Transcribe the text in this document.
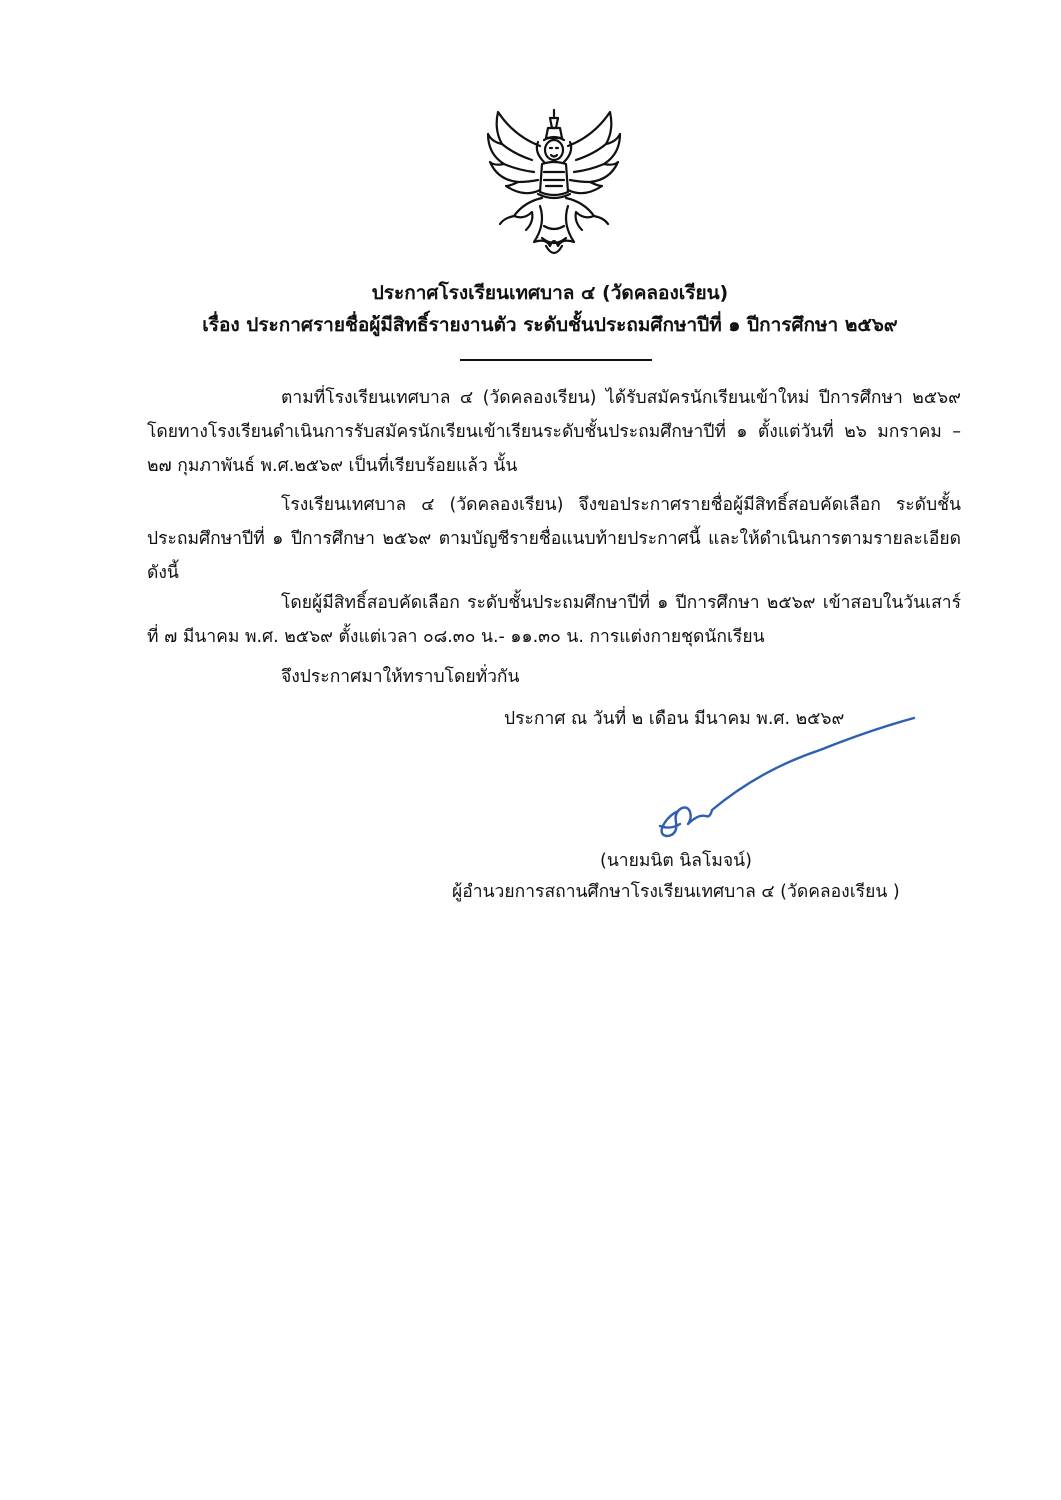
ประกาศโรงเรียนเทศบาล ๔ (วัดคลองเรียน)
เรื่อง ประกาศรายชื่อผู้มีสิทธิ์รายงานตัว ระดับชั้นประถมศึกษาปีที่ ๑ ปีการศึกษา ๒๕๖๙
ตามที่โรงเรียนเทศบาล ๔ (วัดคลองเรียน) ได้รับสมัครนักเรียนเข้าใหม่ ปีการศึกษา ๒๕๖๙ โดยทางโรงเรียนดำเนินการรับสมัครนักเรียนเข้าเรียนระดับชั้นประถมศึกษาปีที่ ๑ ตั้งแต่วันที่ ๒๖ มกราคม – ๒๗ กุมภาพันธ์ พ.ศ.๒๕๖๙ เป็นที่เรียบร้อยแล้ว นั้น
โรงเรียนเทศบาล ๔ (วัดคลองเรียน) จึงขอประกาศรายชื่อผู้มีสิทธิ์สอบคัดเลือก ระดับชั้นประถมศึกษาปีที่ ๑ ปีการศึกษา ๒๕๖๙ ตามบัญชีรายชื่อแนบท้ายประกาศนี้ และให้ดำเนินการตามรายละเอียด ดังนี้
โดยผู้มีสิทธิ์สอบคัดเลือก ระดับชั้นประถมศึกษาปีที่ ๑ ปีการศึกษา ๒๕๖๙ เข้าสอบในวันเสาร์ที่ ๗ มีนาคม พ.ศ. ๒๕๖๙ ตั้งแต่เวลา ๐๘.๓๐ น.- ๑๑.๓๐ น. การแต่งกายชุดนักเรียน
จึงประกาศมาให้ทราบโดยทั่วกัน
ประกาศ ณ วันที่ ๒ เดือน มีนาคม พ.ศ. ๒๕๖๙
(นายมนิต นิลโมจน์)
ผู้อำนวยการสถานศึกษาโรงเรียนเทศบาล ๔ (วัดคลองเรียน )
